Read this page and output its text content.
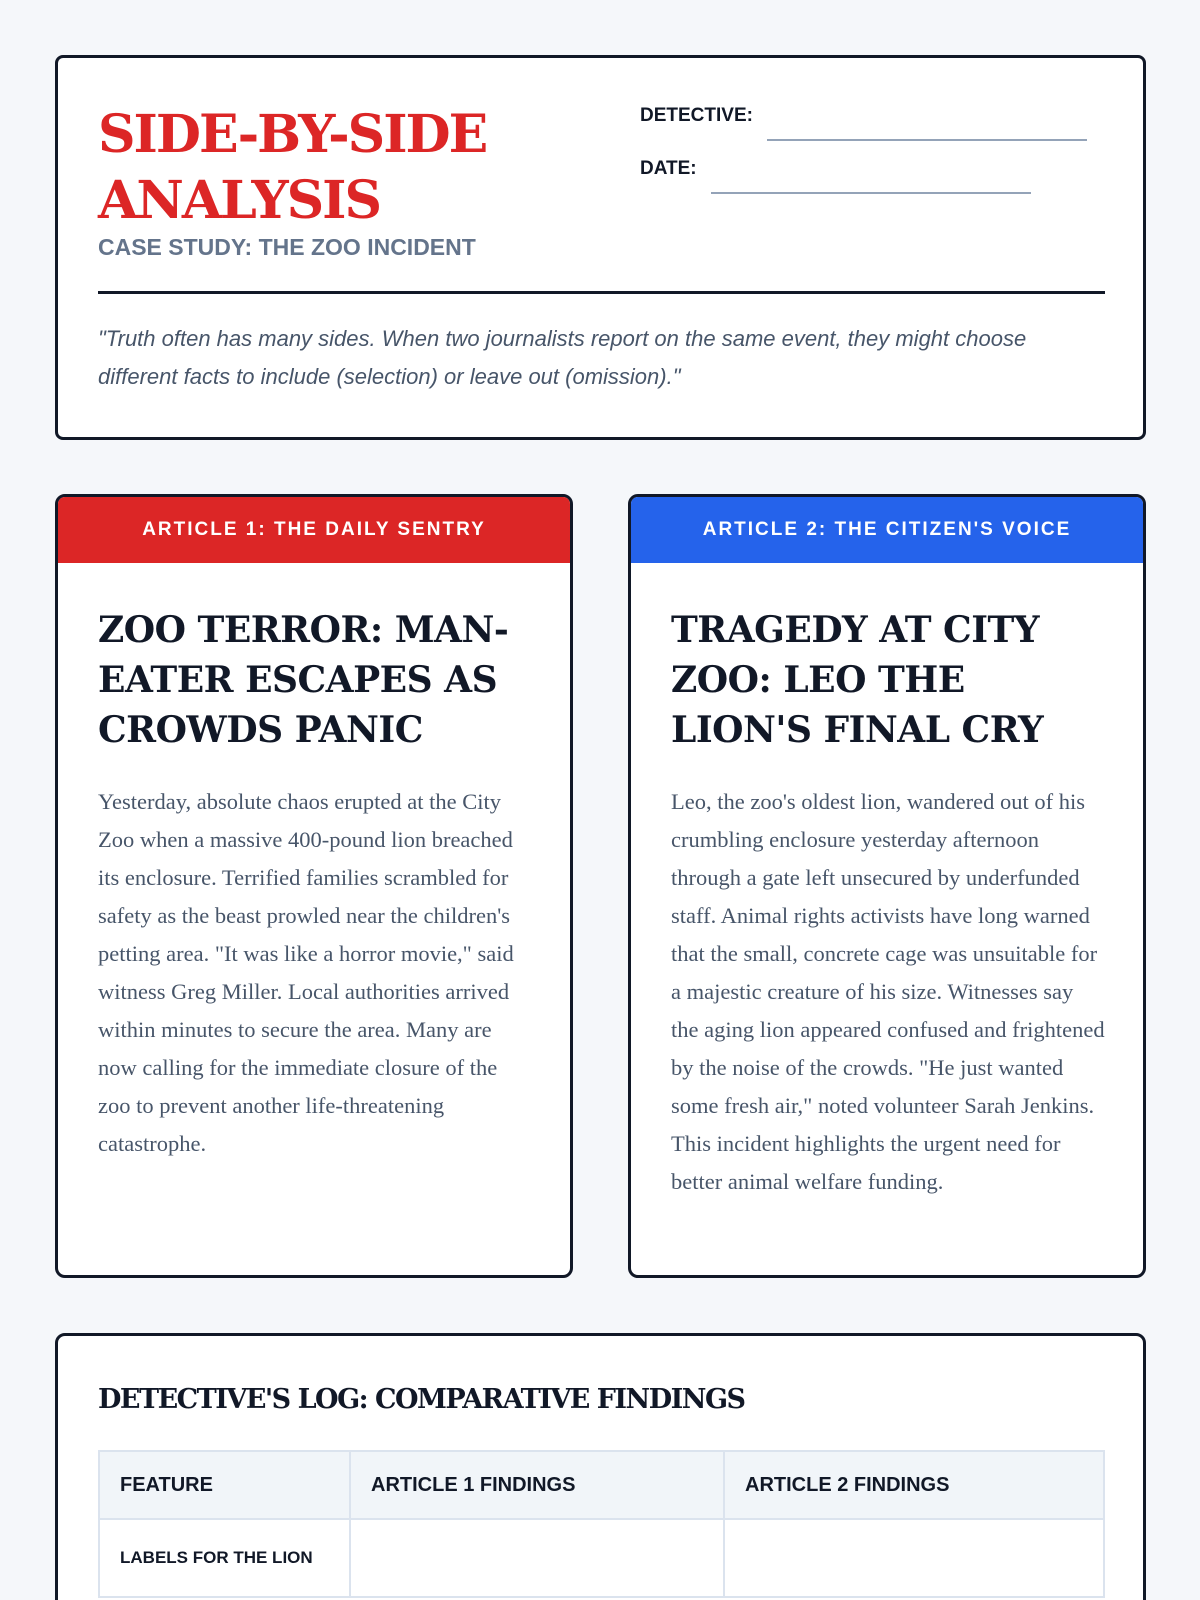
SIDE-BY-SIDE ANALYSIS
CASE STUDY: THE ZOO INCIDENT
DETECTIVE:
DATE:
"Truth often has many sides. When two journalists report on the same event, they might choose different facts to include (selection) or leave out (omission)."
ARTICLE 1: THE DAILY SENTRY
ZOO TERROR: MAN-EATER ESCAPES AS CROWDS PANIC
Yesterday, absolute chaos erupted at the City Zoo when a massive 400-pound lion breached its enclosure. Terrified families scrambled for safety as the beast prowled near the children's petting area. "It was like a horror movie," said witness Greg Miller. Local authorities arrived within minutes to secure the area. Many are now calling for the immediate closure of the zoo to prevent another life-threatening catastrophe.
ARTICLE 2: THE CITIZEN'S VOICE
TRAGEDY AT CITY ZOO: LEO THE LION'S FINAL CRY
Leo, the zoo's oldest lion, wandered out of his crumbling enclosure yesterday afternoon through a gate left unsecured by underfunded staff. Animal rights activists have long warned that the small, concrete cage was unsuitable for a majestic creature of his size. Witnesses say the aging lion appeared confused and frightened by the noise of the crowds. "He just wanted some fresh air," noted volunteer Sarah Jenkins. This incident highlights the urgent need for better animal welfare funding.
DETECTIVE'S LOG: COMPARATIVE FINDINGS
FEATURE	ARTICLE 1 FINDINGS	ARTICLE 2 FINDINGS
LABELS FOR THE LION		
